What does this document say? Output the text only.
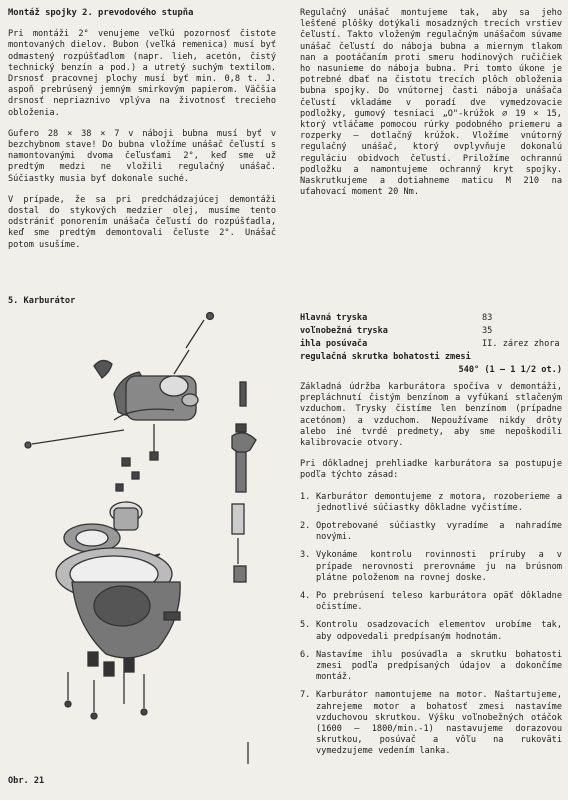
Montáž spojky 2. prevodového stupňa

Pri montáži 2° venujeme veľkú pozornosť čistote montovaných dielov. Bubon (veľká remenica) musí byť odmastený rozpúšťadlom (napr. lieh, acetón, čistý technický benzín a pod.) a utretý suchým textilom. Drsnosť pracovnej plochy musí byť min. 0,8 t. J. aspoň prebrúsený jemným smirkovým papierom. Väčšia drsnosť nepriaznivo vplýva na životnosť trecieho obloženia.

Gufero 28 × 38 × 7 v náboji bubna musí byť v bezchybnom stave! Do bubna vložíme unášač čeľustí s namontovanými dvoma čeľusťami 2°, keď sme už predtým medzi ne vložili regulačný unášač. Súčiastky musia byť dokonale suché.

V prípade, že sa pri predchádzajúcej demontáži dostal do stykových medzier olej, musíme tento odstrániť ponorením unášača čeľustí do rozpúšťadla, keď sme predtým demontovali čeľuste 2°. Unášač potom usušíme.

Regulačný unášač montujeme tak, aby sa jeho lešťené plôšky dotýkali mosadzných trecích vrstiev čeľustí. Takto vloženým regulačným unášačom súvame unášač čeľustí do náboja bubna a miernym tlakom nan a pootáčaním proti smeru hodinových ručičiek ho nasunieme do náboja bubna. Pri tomto úkone je potrebné dbať na čistotu trecích plôch obloženia bubna spojky. Do vnútornej časti náboja unášača čeľustí vkladáme v poradí dve vymedzovacie podložky, gumový tesniaci „O"-krúžok ⌀ 19 × 15, ktorý vtláčame pomocou rúrky podobného priemeru a rozperky — dotlačný krúžok. Vložíme vnútorný regulačný unášač, ktorý ovplyvňuje dokonalú reguláciu obidvoch čeľustí. Priložíme ochrannú podložku a namontujeme ochranný kryt spojky. Naskrutkujeme a dotiahneme maticu M 210 na uťahovací moment 20 Nm.

5. Karburátor
Hlavná tryska	83
voľnobežná tryska	35
ihla posúvača	II. zárez zhora
regulačná skrutka bohatosti zmesi
540° (1 — 1 1/2 ot.)

Základná údržba karburátora spočíva v demontáži, prepláchnutí čistým benzínom a vyfúkaní stlačeným vzduchom. Trysky čistíme len benzínom (prípadne acetónom) a vzduchom. Nepoužívame nikdy drôty alebo iné tvrdé predmety, aby sme nepoškodili kalibrovacie otvory.

Pri dôkladnej prehliadke karburátora sa postupuje podľa týchto zásad:

1. Karburátor demontujeme z motora, rozoberieme a jednotlivé súčiastky dôkladne vyčistíme.
2. Opotrebované súčiastky vyradíme a nahradíme novými.
3. Vykonáme kontrolu rovinnosti príruby a v prípade nerovnosti prerovnáme ju na brúsnom plátne položenom na rovnej doske.
4. Po prebrúsení teleso karburátora opäť dôkladne očistíme.
5. Kontrolu osadzovacích elementov urobíme tak, aby odpovedali predpísaným hodnotám.
6. Nastavíme ihlu posúvadla a skrutku bohatosti zmesi podľa predpísaných údajov a dokončíme montáž.
7. Karburátor namontujeme na motor. Naštartujeme, zahrejeme motor a bohatosť zmesi nastavíme vzduchovou skrutkou. Výšku voľnobežných otáčok (1600 — 1800/min.-1) nastavujeme dorazovou skrutkou, posúvač a vôľu na rukoväti vymedzujeme vedením lanka.
Obr. 21
